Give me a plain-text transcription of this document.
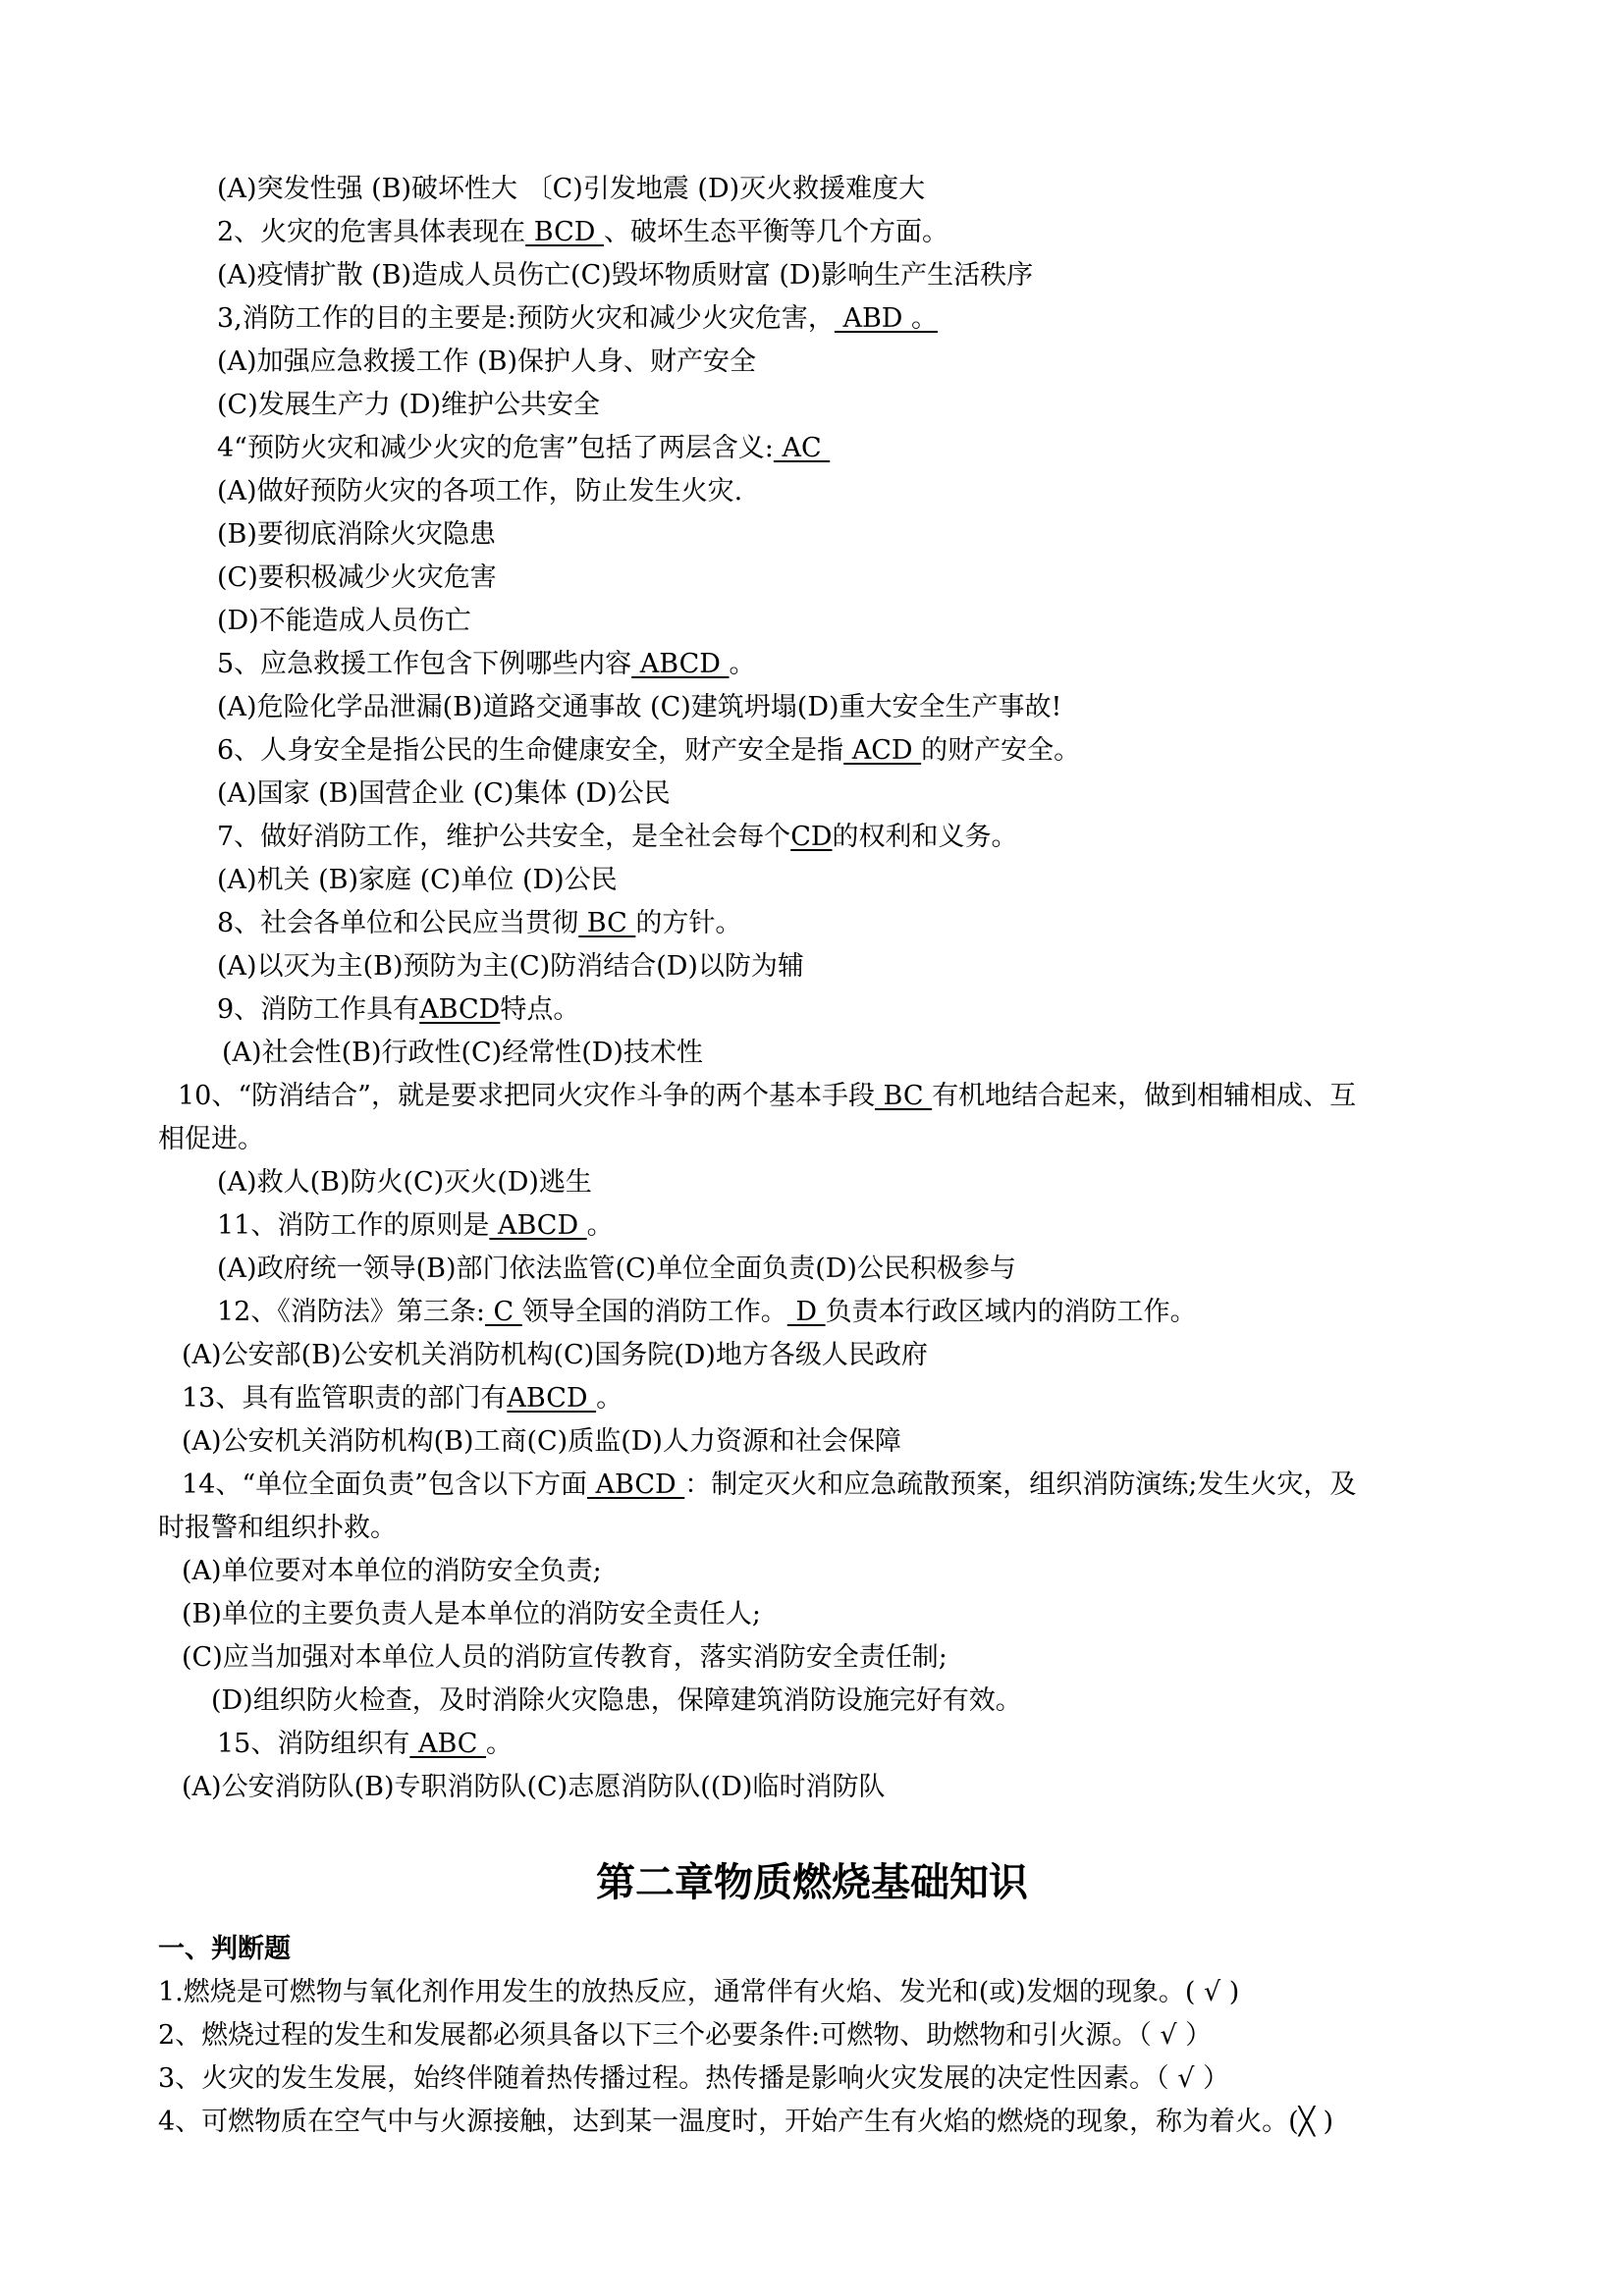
(A)突发性强 (B)破坏性大 〔C)引发地震 (D)灭火救援难度大
2、火灾的危害具体表现在 BCD 、破坏生态平衡等几个方面。
(A)疫情扩散 (B)造成人员伤亡(C)毁坏物质财富 (D)影响生产生活秩序
3,消防工作的目的主要是:预防火灾和减少火灾危害， ABD 。
(A)加强应急救援工作 (B)保护人身、财产安全
(C)发展生产力 (D)维护公共安全
4“预防火灾和减少火灾的危害”包括了两层含义: AC
(A)做好预防火灾的各项工作，防止发生火灾.
(B)要彻底消除火灾隐患
(C)要积极减少火灾危害
(D)不能造成人员伤亡
5、应急救援工作包含下例哪些内容 ABCD 。
(A)危险化学品泄漏(B)道路交通事故 (C)建筑坍塌(D)重大安全生产事故!
6、人身安全是指公民的生命健康安全，财产安全是指 ACD 的财产安全。
(A)国家 (B)国营企业 (C)集体 (D)公民
7、做好消防工作，维护公共安全，是全社会每个CD的权利和义务。
(A)机关 (B)家庭 (C)单位 (D)公民
8、社会各单位和公民应当贯彻 BC 的方针。
(A)以灭为主(B)预防为主(C)防消结合(D)以防为辅
9、消防工作具有ABCD特点。
(A)社会性(B)行政性(C)经常性(D)技术性
10、“防消结合”，就是要求把同火灾作斗争的两个基本手段 BC 有机地结合起来，做到相辅相成、互
相促进。
(A)救人(B)防火(C)灭火(D)逃生
11、消防工作的原则是 ABCD 。
(A)政府统一领导(B)部门依法监管(C)单位全面负责(D)公民积极参与
12、《消防法》第三条: C 领导全国的消防工作。 D 负责本行政区域内的消防工作。
(A)公安部(B)公安机关消防机构(C)国务院(D)地方各级人民政府
13、具有监管职责的部门有ABCD 。
(A)公安机关消防机构(B)工商(C)质监(D)人力资源和社会保障
14、“单位全面负责”包含以下方面 ABCD ：制定灭火和应急疏散预案，组织消防演练;发生火灾，及
时报警和组织扑救。
(A)单位要对本单位的消防安全负责;
(B)单位的主要负责人是本单位的消防安全责任人;
(C)应当加强对本单位人员的消防宣传教育，落实消防安全责任制;
(D)组织防火检查，及时消除火灾隐患，保障建筑消防设施完好有效。
15、消防组织有 ABC 。
(A)公安消防队(B)专职消防队(C)志愿消防队((D)临时消防队
第二章物质燃烧基础知识
一、判断题
1.燃烧是可燃物与氧化剂作用发生的放热反应，通常伴有火焰、发光和(或)发烟的现象。( √ )
2、燃烧过程的发生和发展都必须具备以下三个必要条件:可燃物、助燃物和引火源。（ √ ）
3、火灾的发生发展，始终伴随着热传播过程。热传播是影响火灾发展的决定性因素。（ √ ）
4、可燃物质在空气中与火源接触，达到某一温度时，开始产生有火焰的燃烧的现象，称为着火。(╳ )
